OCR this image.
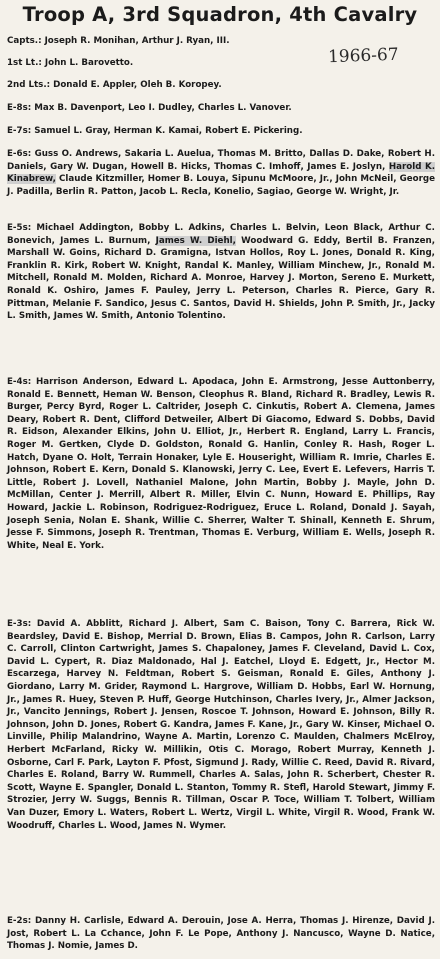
Troop A, 3rd Squadron, 4th Cavalry
1966-67
Capts.: Joseph R. Monihan, Arthur J. Ryan, III.
1st Lt.: John L. Barovetto.
2nd Lts.: Donald E. Appler, Oleh B. Koropey.
E-8s: Max B. Davenport, Leo I. Dudley, Charles L. Vanover.
E-7s: Samuel L. Gray, Herman K. Kamai, Robert E. Pickering.

E-6s: Guss O. Andrews, Sakaria L. Auelua, Thomas M. Britto, Dallas D. Dake, Robert H. Daniels, Gary W. Dugan, Howell B. Hicks, Thomas C. Imhoff, James E. Joslyn, Harold K. Kinabrew, Claude Kitzmiller, Homer B. Louya, Sipunu McMoore, Jr., John McNeil, George J. Padilla, Berlin R. Patton, Jacob L. Recla, Konelio, Sagiao, George W. Wright, Jr.

E-5s: Michael Addington, Bobby L. Adkins, Charles L. Belvin, Leon Black, Arthur C. Bonevich, James L. Burnum, James W. Diehl, Woodward G. Eddy, Bertil B. Franzen, Marshall W. Goins, Richard D. Gramigna, Istvan Hollos, Roy L. Jones, Donald R. King, Franklin R. Kirk, Robert W. Knight, Randal K. Manley, William Minchew, Jr., Ronald M. Mitchell, Ronald M. Molden, Richard A. Monroe, Harvey J. Morton, Sereno E. Murkett, Ronald K. Oshiro, James F. Pauley, Jerry L. Peterson, Charles R. Pierce, Gary R. Pittman, Melanie F. Sandico, Jesus C. Santos, David H. Shields, John P. Smith, Jr., Jacky L. Smith, James W. Smith, Antonio Tolentino.

E-4s: Harrison Anderson, Edward L. Apodaca, John E. Armstrong, Jesse Auttonberry, Ronald E. Bennett, Heman W. Benson, Cleophus R. Bland, Richard R. Bradley, Lewis R. Burger, Percy Byrd, Roger L. Caltrider, Joseph C. Cinkutis, Robert A. Clemena, James Deary, Robert R. Dent, Clifford Detweiler, Albert Di Giacomo, Edward S. Dobbs, David R. Eidson, Alexander Elkins, John U. Elliot, Jr., Herbert R. England, Larry L. Francis, Roger M. Gertken, Clyde D. Goldston, Ronald G. Hanlin, Conley R. Hash, Roger L. Hatch, Dyane O. Holt, Terrain Honaker, Lyle E. Houseright, William R. Imrie, Charles E. Johnson, Robert E. Kern, Donald S. Klanowski, Jerry C. Lee, Evert E. Lefevers, Harris T. Little, Robert J. Lovell, Nathaniel Malone, John Martin, Bobby J. Mayle, John D. McMillan, Center J. Merrill, Albert R. Miller, Elvin C. Nunn, Howard E. Phillips, Ray Howard, Jackie L. Robinson, Rodriguez-Rodriguez, Eruce L. Roland, Donald J. Sayah, Joseph Senia, Nolan E. Shank, Willie C. Sherrer, Walter T. Shinall, Kenneth E. Shrum, Jesse F. Simmons, Joseph R. Trentman, Thomas E. Verburg, William E. Wells, Joseph R. White, Neal E. York.

E-3s: David A. Abblitt, Richard J. Albert, Sam C. Baison, Tony C. Barrera, Rick W. Beardsley, David E. Bishop, Merrial D. Brown, Elias B. Campos, John R. Carlson, Larry C. Carroll, Clinton Cartwright, James S. Chapaloney, James F. Cleveland, David L. Cox, David L. Cypert, R. Diaz Maldonado, Hal J. Eatchel, Lloyd E. Edgett, Jr., Hector M. Escarzega, Harvey N. Feldtman, Robert S. Geisman, Ronald E. Giles, Anthony J. Giordano, Larry M. Grider, Raymond L. Hargrove, William D. Hobbs, Earl W. Hornung, Jr., James R. Huey, Steven P. Huff, George Hutchinson, Charles Ivery, Jr., Almer Jackson, Jr., Vancito Jennings, Robert J. Jensen, Roscoe T. Johnson, Howard E. Johnson, Billy R. Johnson, John D. Jones, Robert G. Kandra, James F. Kane, Jr., Gary W. Kinser, Michael O. Linville, Philip Malandrino, Wayne A. Martin, Lorenzo C. Maulden, Chalmers McElroy, Herbert McFarland, Ricky W. Millikin, Otis C. Morago, Robert Murray, Kenneth J. Osborne, Carl F. Park, Layton F. Pfost, Sigmund J. Rady, Willie C. Reed, David R. Rivard, Charles E. Roland, Barry W. Rummell, Charles A. Salas, John R. Scherbert, Chester R. Scott, Wayne E. Spangler, Donald L. Stanton, Tommy R. Stefl, Harold Stewart, Jimmy F. Strozier, Jerry W. Suggs, Bennis R. Tillman, Oscar P. Toce, William T. Tolbert, William Van Duzer, Emory L. Waters, Robert L. Wertz, Virgil L. White, Virgil R. Wood, Frank W. Woodruff, Charles L. Wood, James N. Wymer.

E-2s: Danny H. Carlisle, Edward A. Derouin, Jose A. Herra, Thomas J. Hirenze, David J. Jost, Robert L. La Cchance, John F. Le Pope, Anthony J. Nancusco, Wayne D. Natice, Thomas J. Nomie, James D.
